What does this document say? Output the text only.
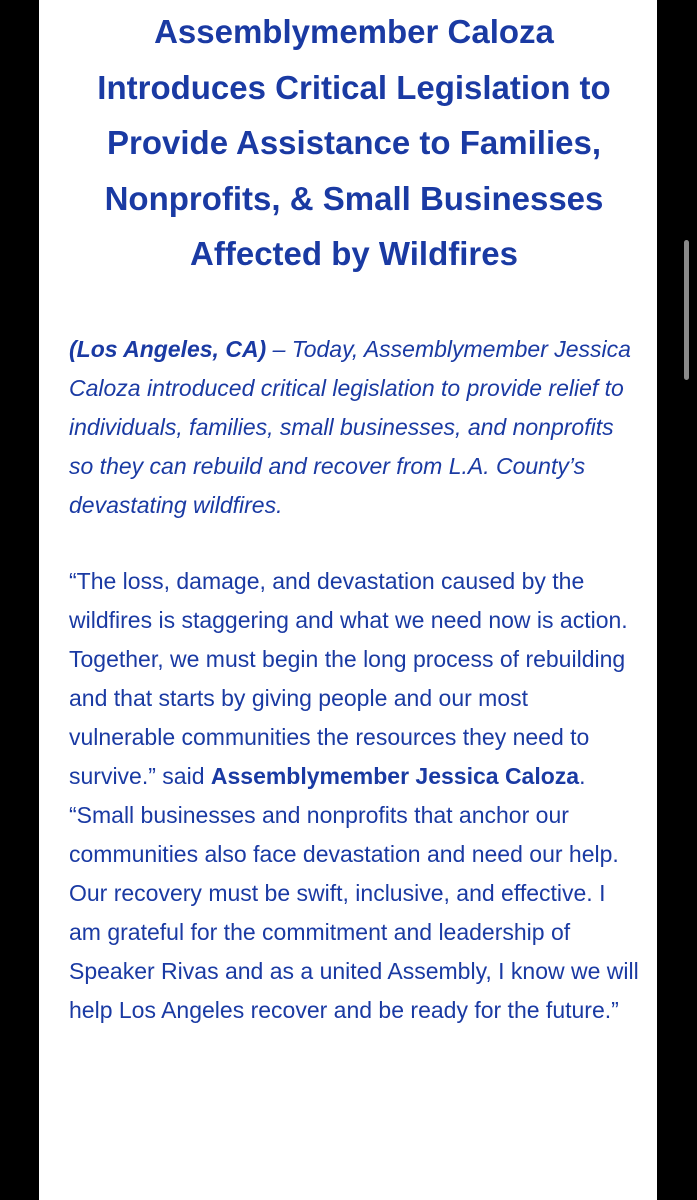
Assemblymember Caloza Introduces Critical Legislation to Provide Assistance to Families, Nonprofits, & Small Businesses Affected by Wildfires

(Los Angeles, CA) – Today, Assemblymember Jessica Caloza introduced critical legislation to provide relief to individuals, families, small businesses, and nonprofits so they can rebuild and recover from L.A. County’s devastating wildfires.

“The loss, damage, and devastation caused by the wildfires is staggering and what we need now is action. Together, we must begin the long process of rebuilding and that starts by giving people and our most vulnerable communities the resources they need to survive.” said Assemblymember Jessica Caloza. “Small businesses and nonprofits that anchor our communities also face devastation and need our help. Our recovery must be swift, inclusive, and effective. I am grateful for the commitment and leadership of Speaker Rivas and as a united Assembly, I know we will help Los Angeles recover and be ready for the future.”
